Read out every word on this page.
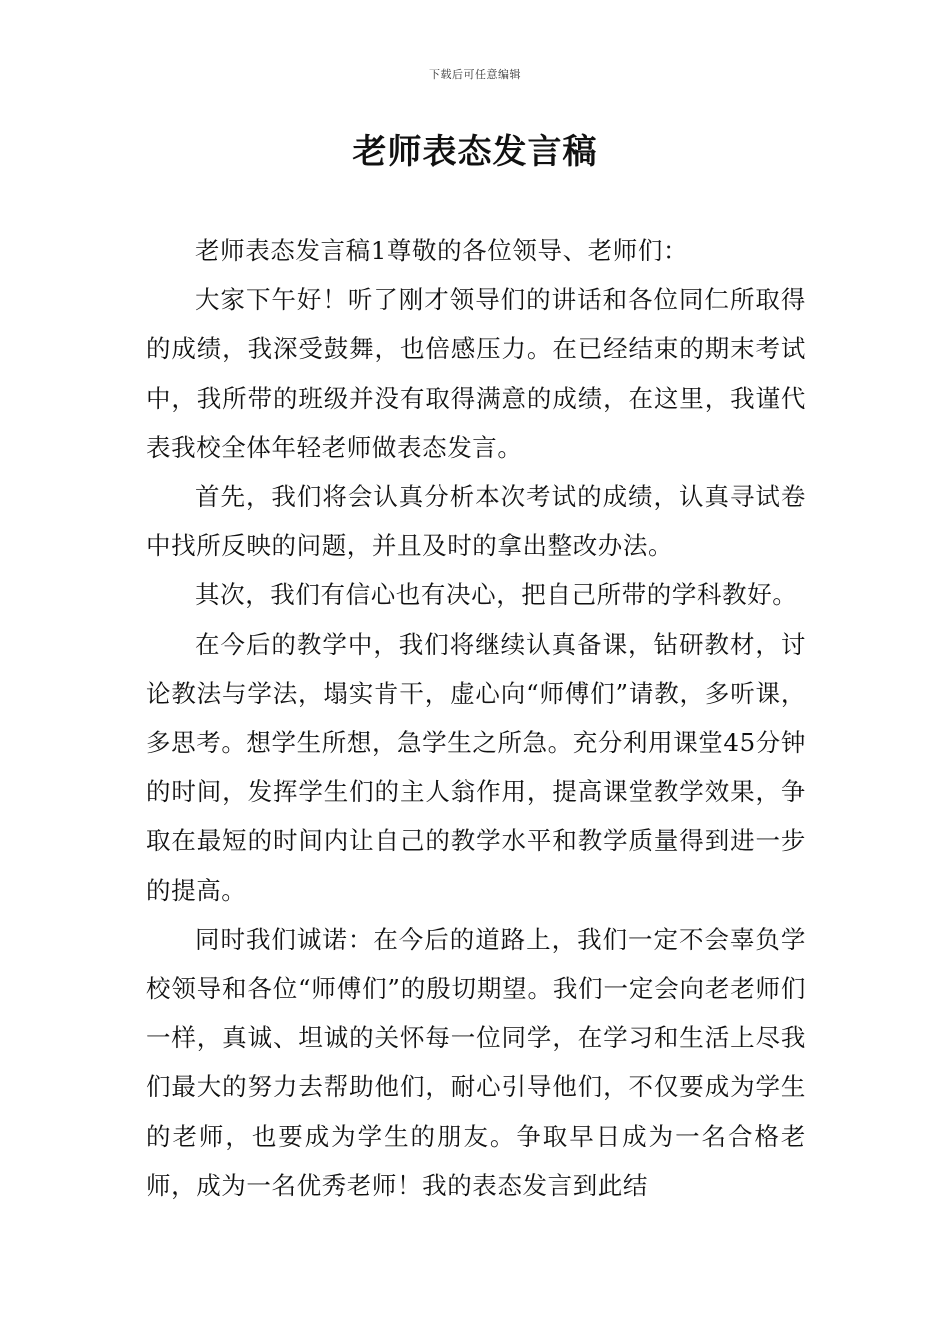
下载后可任意编辑
老师表态发言稿

老师表态发言稿1尊敬的各位领导、老师们：

大家下午好！听了刚才领导们的讲话和各位同仁所取得的成绩，我深受鼓舞，也倍感压力。在已经结束的期末考试中，我所带的班级并没有取得满意的成绩，在这里，我谨代表我校全体年轻老师做表态发言。

首先，我们将会认真分析本次考试的成绩，认真寻试卷中找所反映的问题，并且及时的拿出整改办法。

其次，我们有信心也有决心，把自己所带的学科教好。

在今后的教学中，我们将继续认真备课，钻研教材，讨论教法与学法，塌实肯干，虚心向“师傅们”请教，多听课，多思考。想学生所想，急学生之所急。充分利用课堂45分钟的时间，发挥学生们的主人翁作用，提高课堂教学效果，争取在最短的时间内让自己的教学水平和教学质量得到进一步的提高。

同时我们诚诺：在今后的道路上，我们一定不会辜负学校领导和各位“师傅们”的殷切期望。我们一定会向老老师们一样，真诚、坦诚的关怀每一位同学，在学习和生活上尽我们最大的努力去帮助他们，耐心引导他们，不仅要成为学生的老师，也要成为学生的朋友。争取早日成为一名合格老师，成为一名优秀老师！我的表态发言到此结
